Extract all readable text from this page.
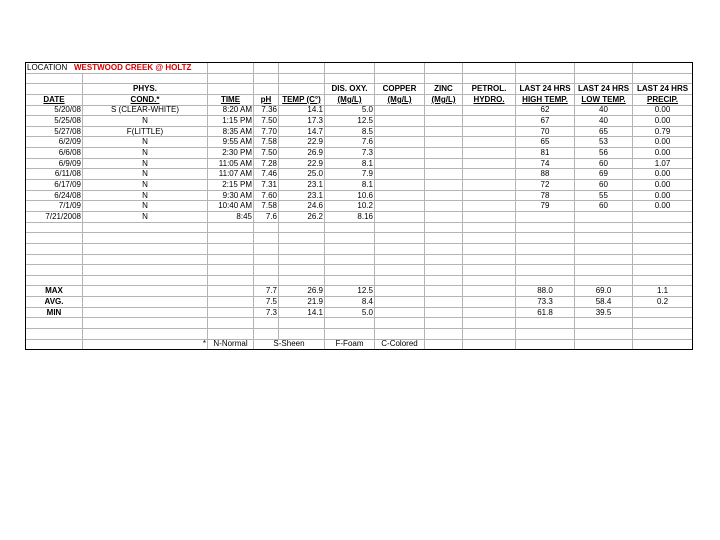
LOCATION WESTWOOD CREEK @ HOLTZ											

	PHYS.				DIS. OXY.	COPPER	ZINC	PETROL.	LAST 24 HRS	LAST 24 HRS	LAST 24 HRS
DATE	COND.*	TIME	pH	TEMP (C°)	(Mg/L)	(Mg/L)	(Mg/L)	HYDRO.	HIGH TEMP.	LOW TEMP.	PRECIP.
5/20/08	S (CLEAR-WHITE)	8:20 AM	7.36	14.1	5.0				62	40	0.00
5/25/08	N	1:15 PM	7.50	17.3	12.5				67	40	0.00
5/27/08	F(LITTLE)	8:35 AM	7.70	14.7	8.5				70	65	0.79
6/2/09	N	9:55 AM	7.58	22.9	7.6				65	53	0.00
6/6/08	N	2:30 PM	7.50	26.9	7.3				81	56	0.00
6/9/09	N	11:05 AM	7.28	22.9	8.1				74	60	1.07
6/11/08	N	11:07 AM	7.46	25.0	7.9				88	69	0.00
6/17/09	N	2:15 PM	7.31	23.1	8.1				72	60	0.00
6/24/08	N	9:30 AM	7.60	23.1	10.6				78	55	0.00
7/1/09	N	10:40 AM	7.58	24.6	10.2				79	60	0.00
7/21/2008	N	8:45	7.6	26.2	8.16						

MAX			7.7	26.9	12.5				88.0	69.0	1.1
AVG.			7.5	21.9	8.4				73.3	58.4	0.2
MIN			7.3	14.1	5.0				61.8	39.5	

	*	N-Normal	S-Sheen		F-Foam	C-Colored					
